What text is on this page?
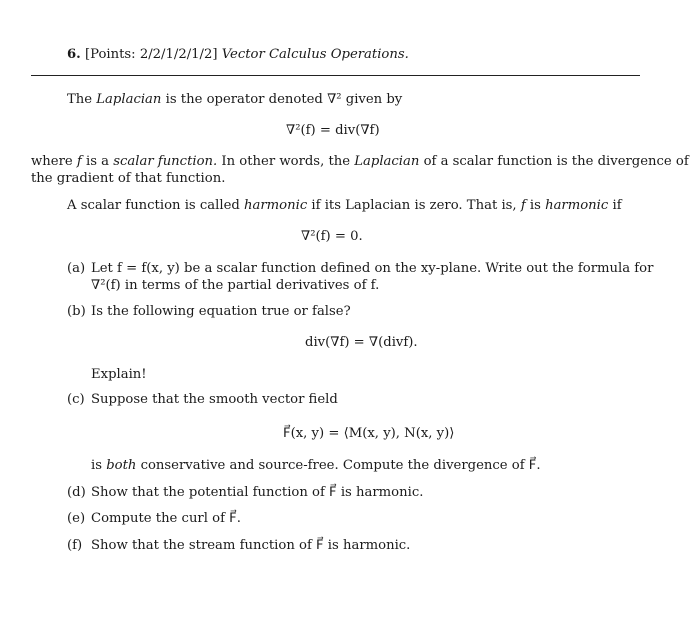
6. [Points: 2/2/1/2/1/2] Vector Calculus Operations.
The Laplacian is the operator denoted ∇² given by
∇²(f) = div(∇f)
where f is a scalar function. In other words, the Laplacian of a scalar function is the divergence of
the gradient of that function.
A scalar function is called harmonic if its Laplacian is zero. That is, f is harmonic if
∇²(f) = 0.
(a) Let f = f(x, y) be a scalar function defined on the xy-plane. Write out the formula for
∇²(f) in terms of the partial derivatives of f.
(b) Is the following equation true or false?
div(∇f) = ∇(divf).
Explain!
(c) Suppose that the smooth vector field
F⃗(x, y) = ⟨M(x, y), N(x, y)⟩
is both conservative and source-free. Compute the divergence of F⃗.
(d) Show that the potential function of F⃗ is harmonic.
(e) Compute the curl of F⃗.
(f) Show that the stream function of F⃗ is harmonic.
